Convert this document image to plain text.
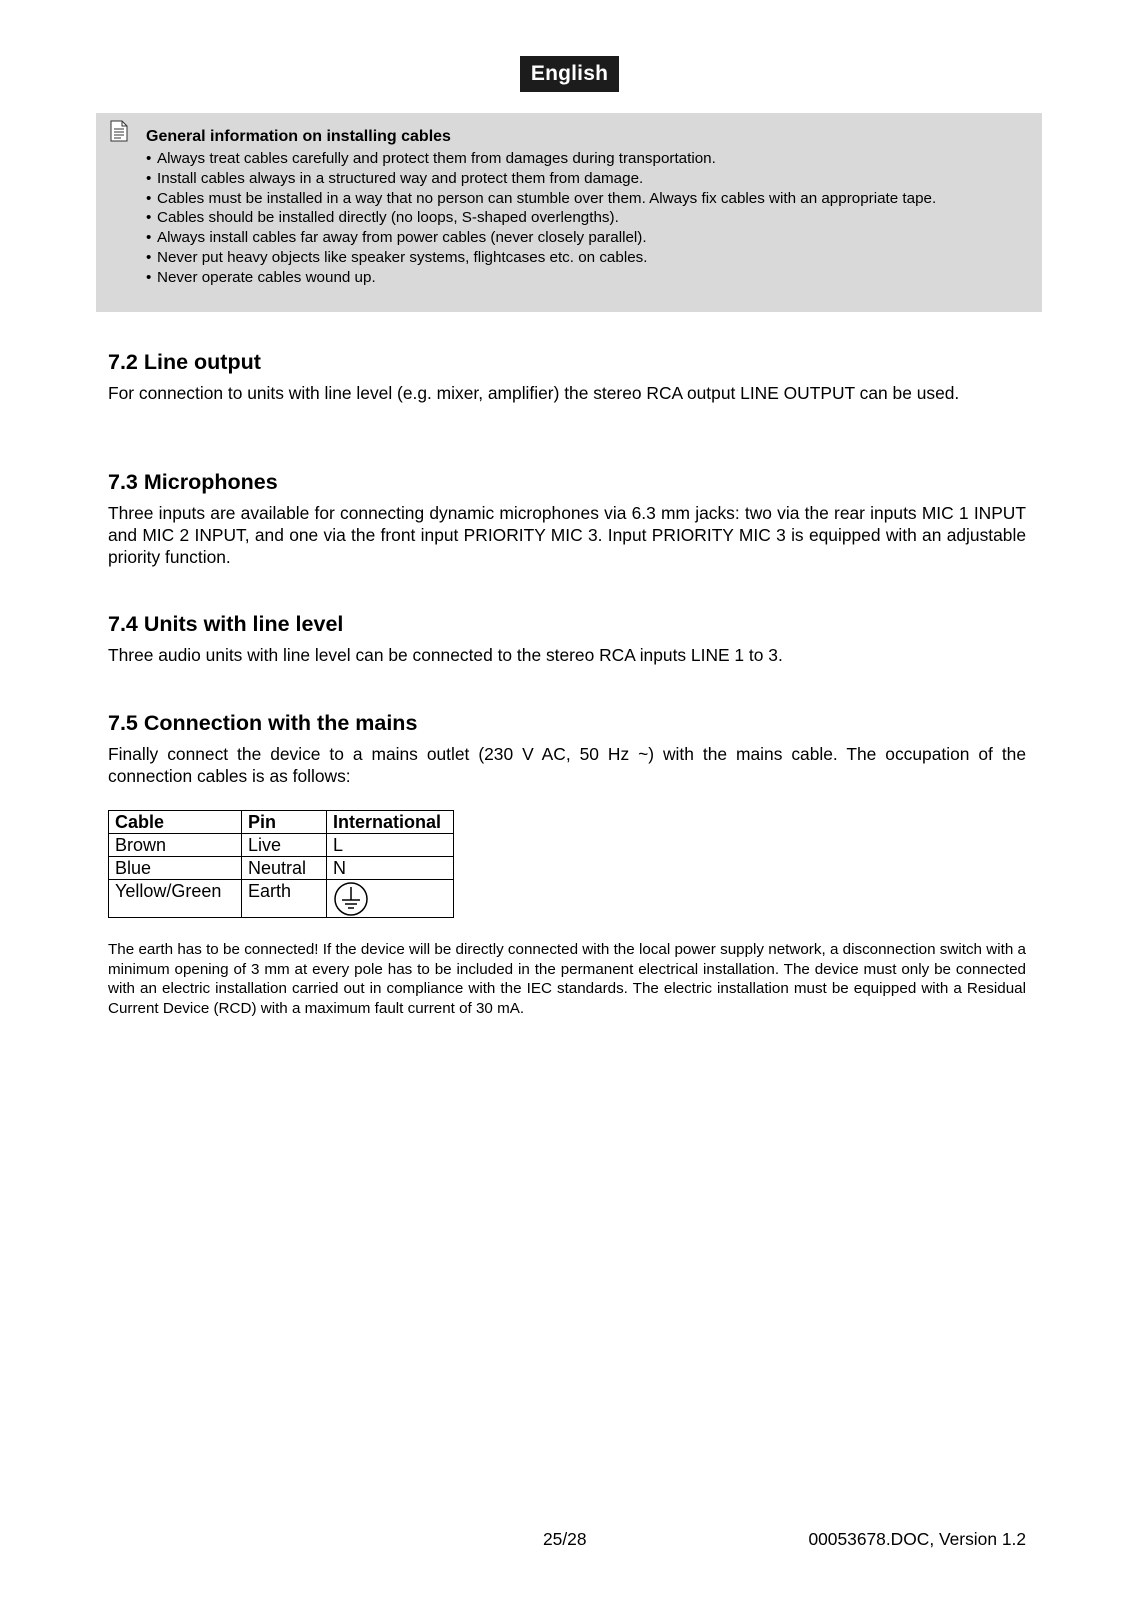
English
General information on installing cables
• Always treat cables carefully and protect them from damages during transportation.
• Install cables always in a structured way and protect them from damage.
• Cables must be installed in a way that no person can stumble over them. Always fix cables with an appropriate tape.
• Cables should be installed directly (no loops, S-shaped overlengths).
• Always install cables far away from power cables (never closely parallel).
• Never put heavy objects like speaker systems, flightcases etc. on cables.
• Never operate cables wound up.
7.2 Line output

For connection to units with line level (e.g. mixer, amplifier) the stereo RCA output LINE OUTPUT can be used.

7.3 Microphones

Three inputs are available for connecting dynamic microphones via 6.3 mm jacks: two via the rear inputs MIC 1 INPUT and MIC 2 INPUT, and one via the front input PRIORITY MIC 3. Input PRIORITY MIC 3 is equipped with an adjustable priority function.

7.4 Units with line level

Three audio units with line level can be connected to the stereo RCA inputs LINE 1 to 3.

7.5 Connection with the mains

Finally connect the device to a mains outlet (230 V AC, 50 Hz ~) with the mains cable. The occupation of the connection cables is as follows:

Cable	Pin	International
Brown	Live	L
Blue	Neutral	N
Yellow/Green	Earth	

The earth has to be connected! If the device will be directly connected with the local power supply network, a disconnection switch with a minimum opening of 3 mm at every pole has to be included in the permanent electrical installation. The device must only be connected with an electric installation carried out in compliance with the IEC standards. The electric installation must be equipped with a Residual Current Device (RCD) with a maximum fault current of 30 mA.

25/28	00053678.DOC, Version 1.2
